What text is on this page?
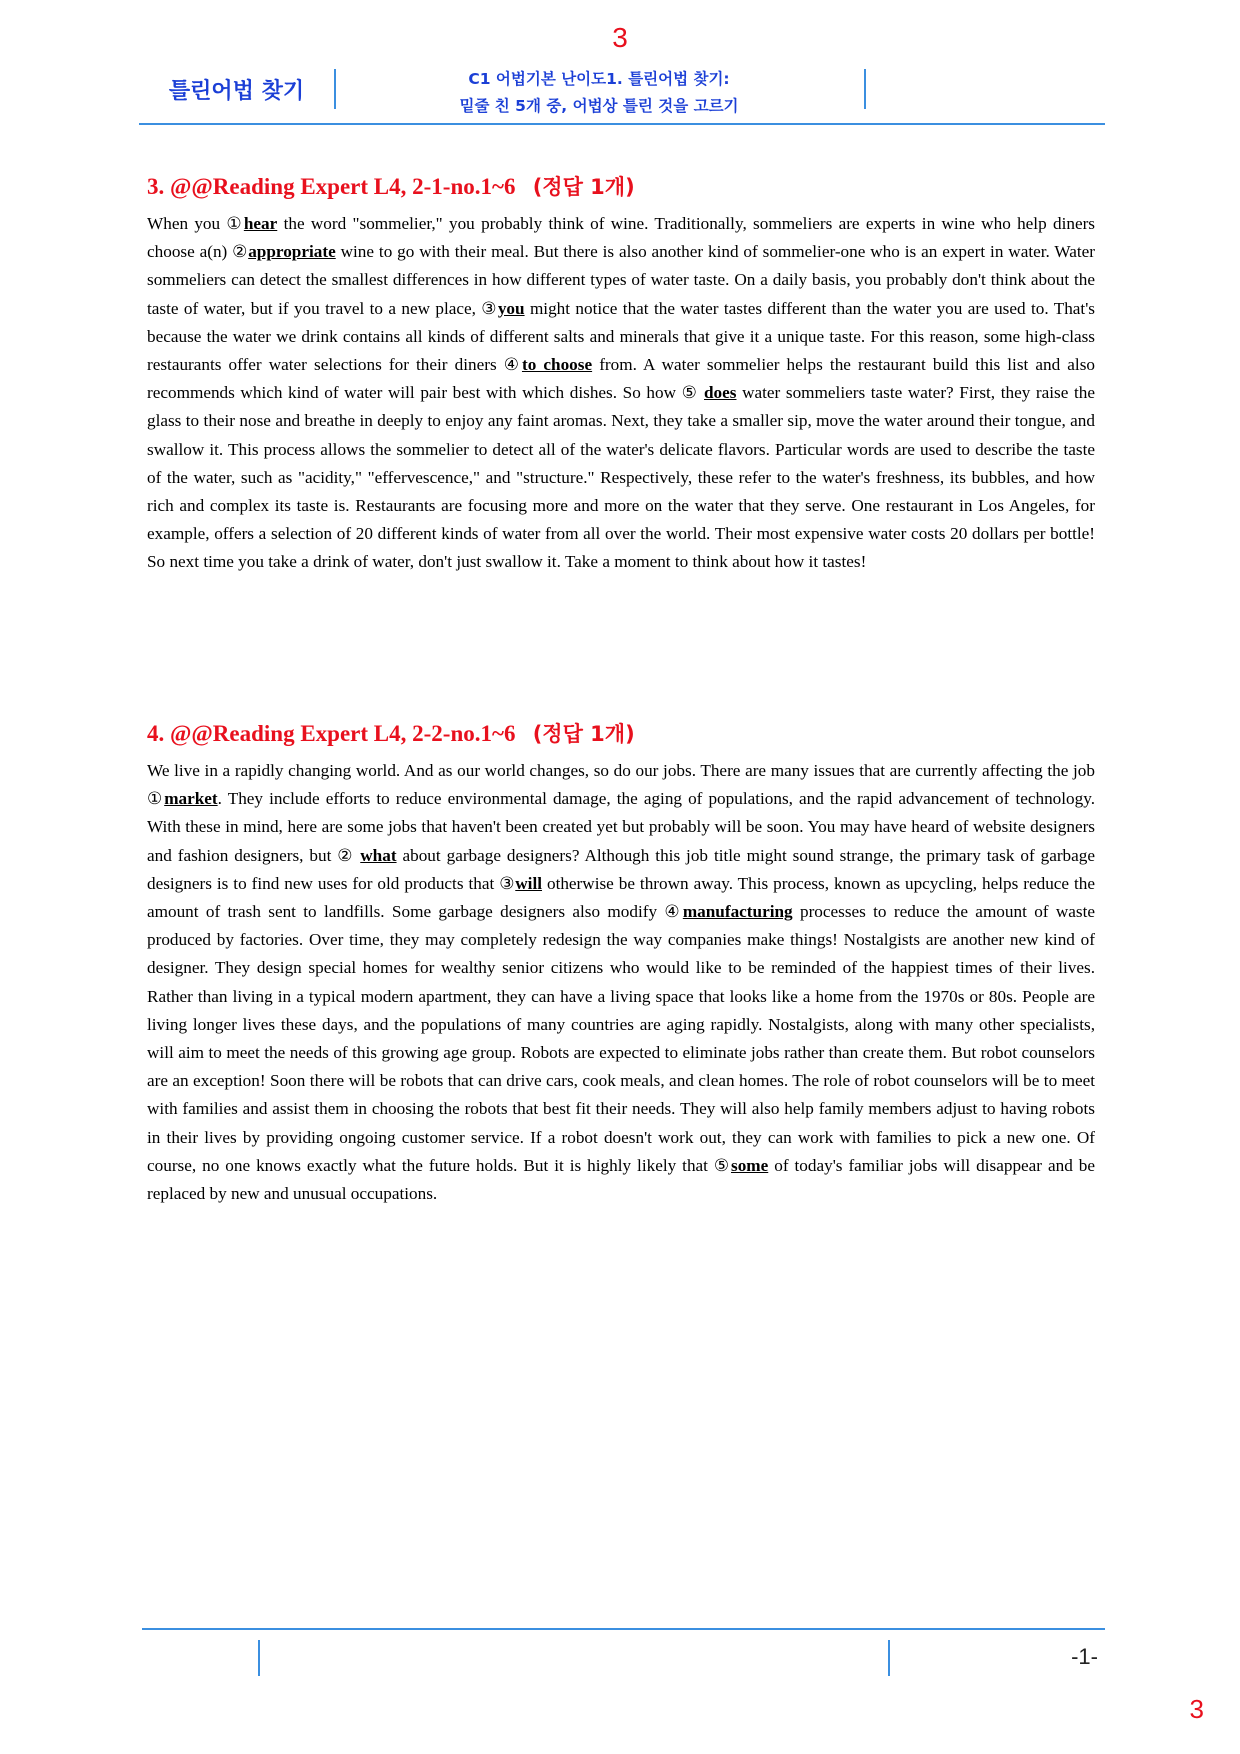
3
틀린어법 찾기	C1 어법기본 난이도1. 틀린어법 찾기:
밑줄 친 5개 중, 어법상 틀린 것을 고르기
3. @@Reading Expert L4, 2-1-no.1~6 (정답 1개)

When you ①hear the word "sommelier," you probably think of wine. Traditionally, sommeliers are experts in wine who help diners choose a(n) ②appropriate wine to go with their meal. But there is also another kind of sommelier-one who is an expert in water. Water sommeliers can detect the smallest differences in how different types of water taste. On a daily basis, you probably don't think about the taste of water, but if you travel to a new place, ③you might notice that the water tastes different than the water you are used to. That's because the water we drink contains all kinds of different salts and minerals that give it a unique taste. For this reason, some high-class restaurants offer water selections for their diners ④to choose from. A water sommelier helps the restaurant build this list and also recommends which kind of water will pair best with which dishes. So how ⑤ does water sommeliers taste water? First, they raise the glass to their nose and breathe in deeply to enjoy any faint aromas. Next, they take a smaller sip, move the water around their tongue, and swallow it. This process allows the sommelier to detect all of the water's delicate flavors. Particular words are used to describe the taste of the water, such as "acidity," "effervescence," and "structure." Respectively, these refer to the water's freshness, its bubbles, and how rich and complex its taste is. Restaurants are focusing more and more on the water that they serve. One restaurant in Los Angeles, for example, offers a selection of 20 different kinds of water from all over the world. Their most expensive water costs 20 dollars per bottle! So next time you take a drink of water, don't just swallow it. Take a moment to think about how it tastes!

4. @@Reading Expert L4, 2-2-no.1~6 (정답 1개)

We live in a rapidly changing world. And as our world changes, so do our jobs. There are many issues that are currently affecting the job ①market. They include efforts to reduce environmental damage, the aging of populations, and the rapid advancement of technology. With these in mind, here are some jobs that haven't been created yet but probably will be soon. You may have heard of website designers and fashion designers, but ② what about garbage designers? Although this job title might sound strange, the primary task of garbage designers is to find new uses for old products that ③will otherwise be thrown away. This process, known as upcycling, helps reduce the amount of trash sent to landfills. Some garbage designers also modify ④manufacturing processes to reduce the amount of waste produced by factories. Over time, they may completely redesign the way companies make things! Nostalgists are another new kind of designer. They design special homes for wealthy senior citizens who would like to be reminded of the happiest times of their lives. Rather than living in a typical modern apartment, they can have a living space that looks like a home from the 1970s or 80s. People are living longer lives these days, and the populations of many countries are aging rapidly. Nostalgists, along with many other specialists, will aim to meet the needs of this growing age group. Robots are expected to eliminate jobs rather than create them. But robot counselors are an exception! Soon there will be robots that can drive cars, cook meals, and clean homes. The role of robot counselors will be to meet with families and assist them in choosing the robots that best fit their needs. They will also help family members adjust to having robots in their lives by providing ongoing customer service. If a robot doesn't work out, they can work with families to pick a new one. Of course, no one knows exactly what the future holds. But it is highly likely that ⑤some of today's familiar jobs will disappear and be replaced by new and unusual occupations.

-1-
3
